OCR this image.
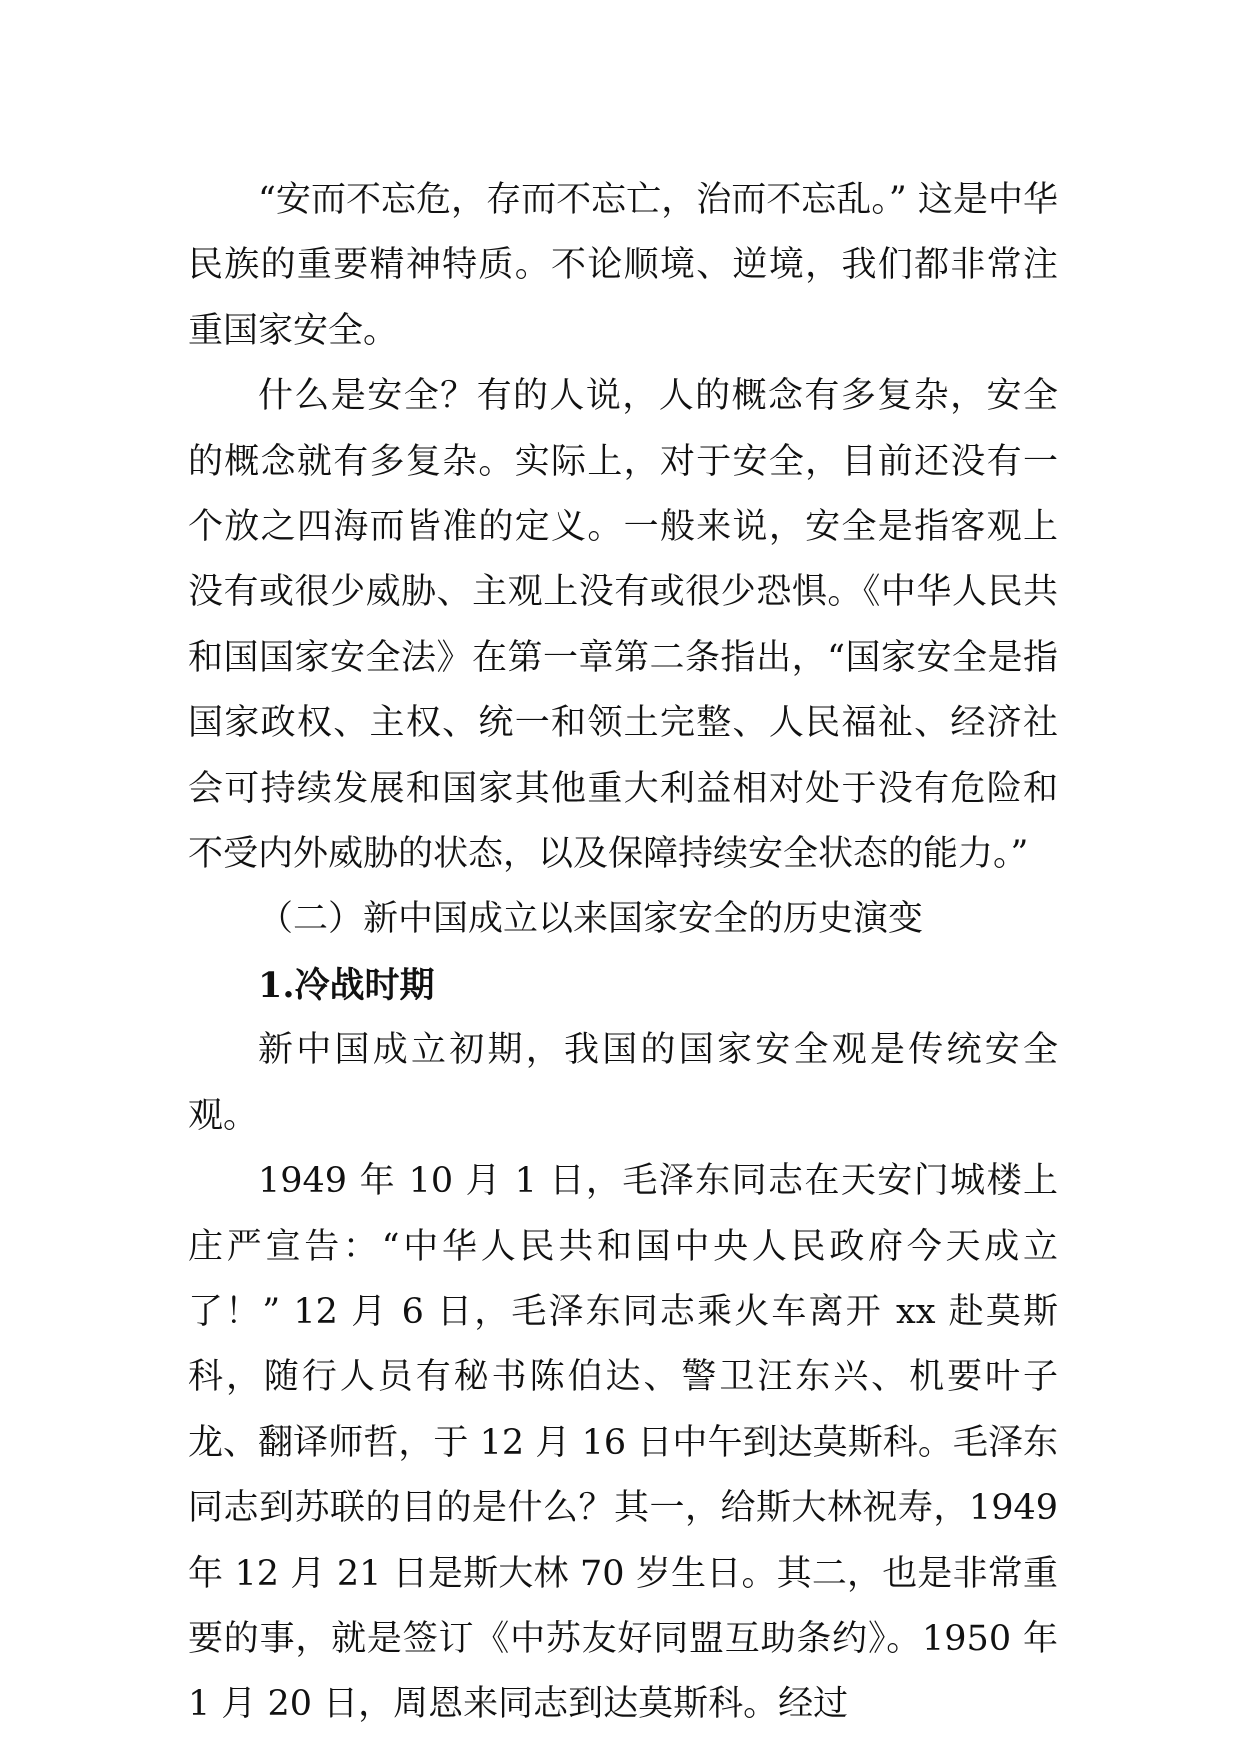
“安而不忘危，存而不忘亡，治而不忘乱。” 这是中华民族的重要精神特质。不论顺境、逆境，我们都非常注重国家安全。

什么是安全？有的人说，人的概念有多复杂，安全的概念就有多复杂。实际上，对于安全，目前还没有一个放之四海而皆准的定义。一般来说，安全是指客观上没有或很少威胁、主观上没有或很少恐惧。《中华人民共和国国家安全法》在第一章第二条指出，“国家安全是指国家政权、主权、统一和领土完整、人民福祉、经济社会可持续发展和国家其他重大利益相对处于没有危险和不受内外威胁的状态，以及保障持续安全状态的能力。”

（二）新中国成立以来国家安全的历史演变

1.冷战时期

新中国成立初期，我国的国家安全观是传统安全观。

1949 年 10 月 1 日，毛泽东同志在天安门城楼上庄严宣告：“中华人民共和国中央人民政府今天成立了！” 12 月 6 日，毛泽东同志乘火车离开 xx 赴莫斯科，随行人员有秘书陈伯达、警卫汪东兴、机要叶子龙、翻译师哲，于 12 月 16 日中午到达莫斯科。毛泽东同志到苏联的目的是什么？其一，给斯大林祝寿，1949 年 12 月 21 日是斯大林 70 岁生日。其二，也是非常重要的事，就是签订《中苏友好同盟互助条约》。1950 年 1 月 20 日，周恩来同志到达莫斯科。经过
